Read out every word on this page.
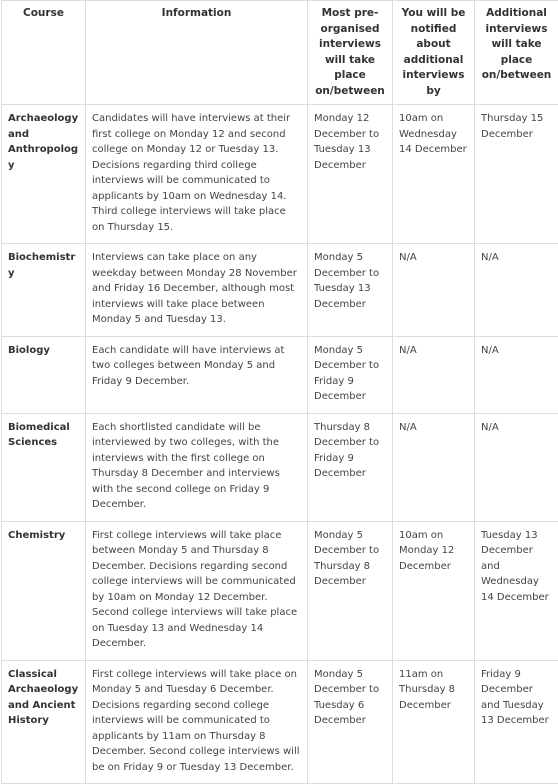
Course	Information	Most pre-organised interviews will take place on/between	You will be notified about additional interviews by	Additional interviews will take place on/between
Archaeology and Anthropology	Candidates will have interviews at their first college on Monday 12 and second college on Monday 12 or Tuesday 13. Decisions regarding third college interviews will be communicated to applicants by 10am on Wednesday 14. Third college interviews will take place on Thursday 15.	Monday 12 December to Tuesday 13 December	10am on Wednesday 14 December	Thursday 15 December
Biochemistry	Interviews can take place on any weekday between Monday 28 November and Friday 16 December, although most interviews will take place between Monday 5 and Tuesday 13.	Monday 5 December to Tuesday 13 December	N/A	N/A
Biology	Each candidate will have interviews at two colleges between Monday 5 and Friday 9 December.	Monday 5 December to Friday 9 December	N/A	N/A
Biomedical Sciences	Each shortlisted candidate will be interviewed by two colleges, with the interviews with the first college on Thursday 8 December and interviews with the second college on Friday 9 December.	Thursday 8 December to Friday 9 December	N/A	N/A
Chemistry	First college interviews will take place between Monday 5 and Thursday 8 December. Decisions regarding second college interviews will be communicated by 10am on Monday 12 December. Second college interviews will take place on Tuesday 13 and Wednesday 14 December.	Monday 5 December to Thursday 8 December	10am on Monday 12 December	Tuesday 13 December and Wednesday 14 December
Classical Archaeology and Ancient History	First college interviews will take place on Monday 5 and Tuesday 6 December. Decisions regarding second college interviews will be communicated to applicants by 11am on Thursday 8 December. Second college interviews will be on Friday 9 or Tuesday 13 December.	Monday 5 December to Tuesday 6 December	11am on Thursday 8 December	Friday 9 December and Tuesday 13 December
